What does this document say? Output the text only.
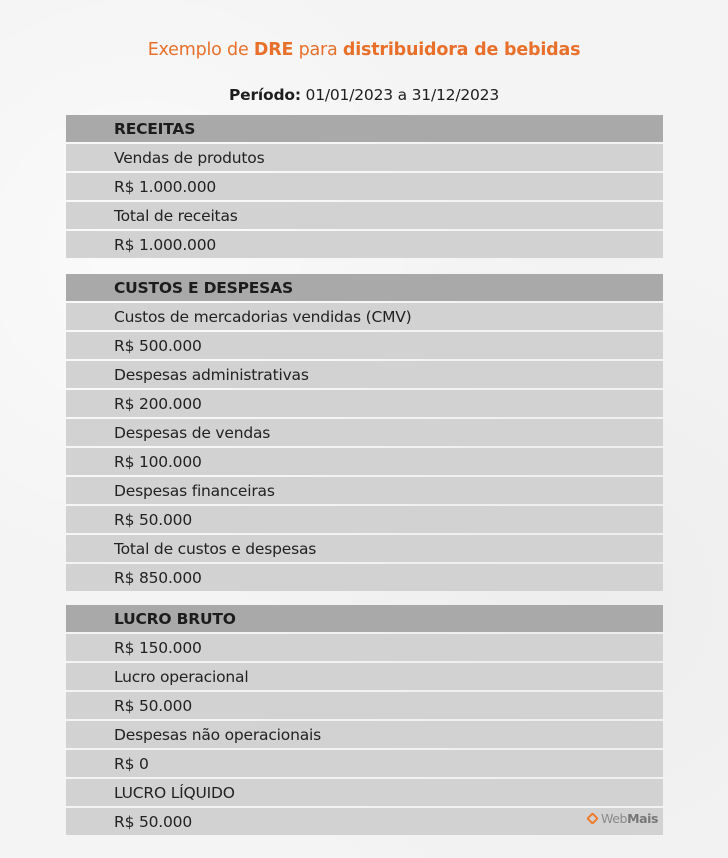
Exemplo de DRE para distribuidora de bebidas
Período: 01/01/2023 a 31/12/2023
RECEITAS
Vendas de produtos
R$ 1.000.000
Total de receitas
R$ 1.000.000
CUSTOS E DESPESAS
Custos de mercadorias vendidas (CMV)
R$ 500.000
Despesas administrativas
R$ 200.000
Despesas de vendas
R$ 100.000
Despesas financeiras
R$ 50.000
Total de custos e despesas
R$ 850.000
LUCRO BRUTO
R$ 150.000
Lucro operacional
R$ 50.000
Despesas não operacionais
R$ 0
LUCRO LÍQUIDO
R$ 50.000	Web Mais
